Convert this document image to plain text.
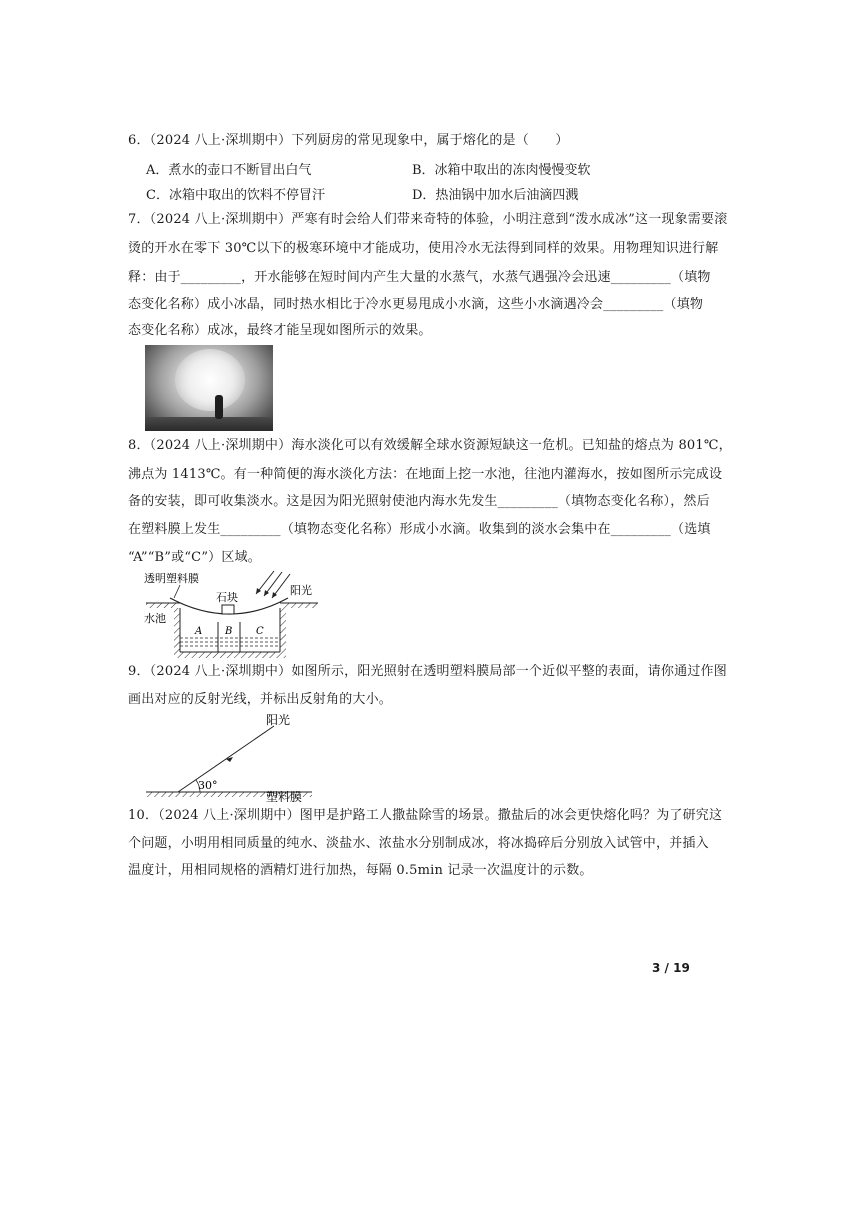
6．（2024 八上·深圳期中）下列厨房的常见现象中，属于熔化的是（　　）
A．煮水的壶口不断冒出白气	B．冰箱中取出的冻肉慢慢变软
C．冰箱中取出的饮料不停冒汗	D．热油锅中加水后油滴四溅
7．（2024 八上·深圳期中）严寒有时会给人们带来奇特的体验，小明注意到“泼水成冰”这一现象需要滚
烫的开水在零下 30℃以下的极寒环境中才能成功，使用冷水无法得到同样的效果。用物理知识进行解
释：由于_________，开水能够在短时间内产生大量的水蒸气，水蒸气遇强冷会迅速_________（填物
态变化名称）成小冰晶，同时热水相比于冷水更易甩成小水滴，这些小水滴遇冷会_________（填物
态变化名称）成冰，最终才能呈现如图所示的效果。
8．（2024 八上·深圳期中）海水淡化可以有效缓解全球水资源短缺这一危机。已知盐的熔点为 801℃，
沸点为 1413℃。有一种简便的海水淡化方法：在地面上挖一水池，往池内灌海水，按如图所示完成设
备的安装，即可收集淡水。这是因为阳光照射使池内海水先发生_________（填物态变化名称），然后
在塑料膜上发生_________（填物态变化名称）形成小水滴。收集到的淡水会集中在_________（选填
“A”“B”或“C”）区域。
透明塑料膜
石块
阳光
水池
A B C
9．（2024 八上·深圳期中）如图所示，阳光照射在透明塑料膜局部一个近似平整的表面，请你通过作图
画出对应的反射光线，并标出反射角的大小。
阳光
30°
塑料膜
10．（2024 八上·深圳期中）图甲是护路工人撒盐除雪的场景。撒盐后的冰会更快熔化吗？为了研究这
个问题，小明用相同质量的纯水、淡盐水、浓盐水分别制成冰，将冰捣碎后分别放入试管中，并插入
温度计，用相同规格的酒精灯进行加热，每隔 0.5min 记录一次温度计的示数。
3 / 19
